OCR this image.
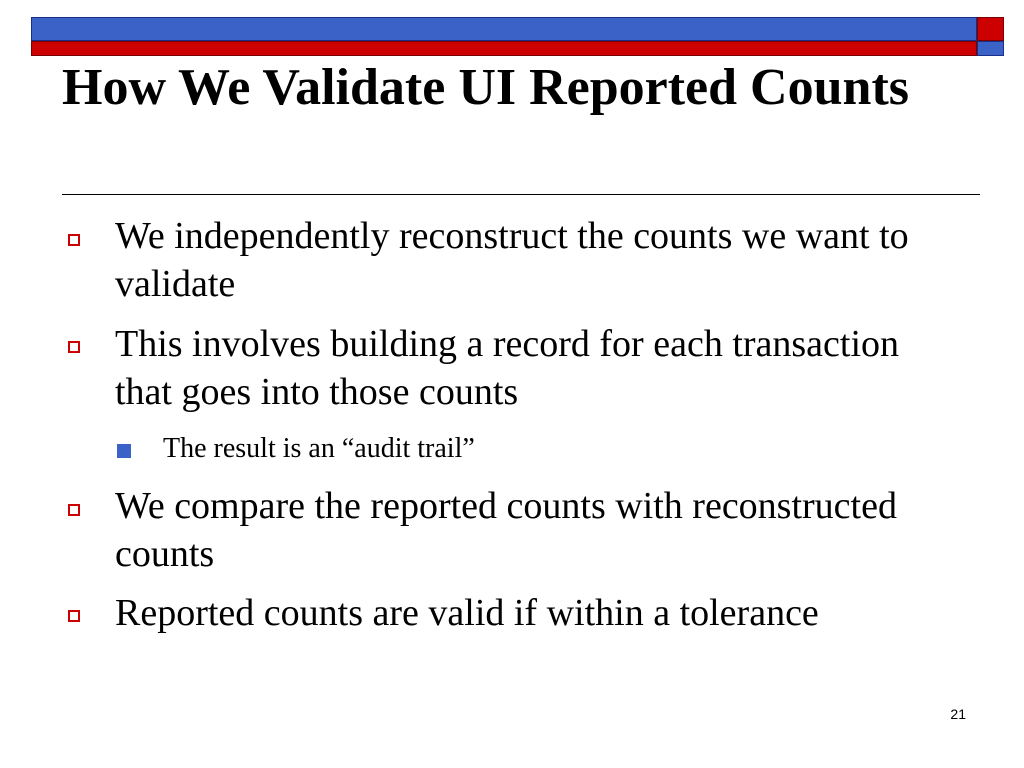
How We Validate UI Reported Counts
We independently reconstruct the counts we want to validate
This involves building a record for each transaction that goes into those counts
The result is an “audit trail”
We compare the reported counts with reconstructed counts
Reported counts are valid if within a tolerance
21
